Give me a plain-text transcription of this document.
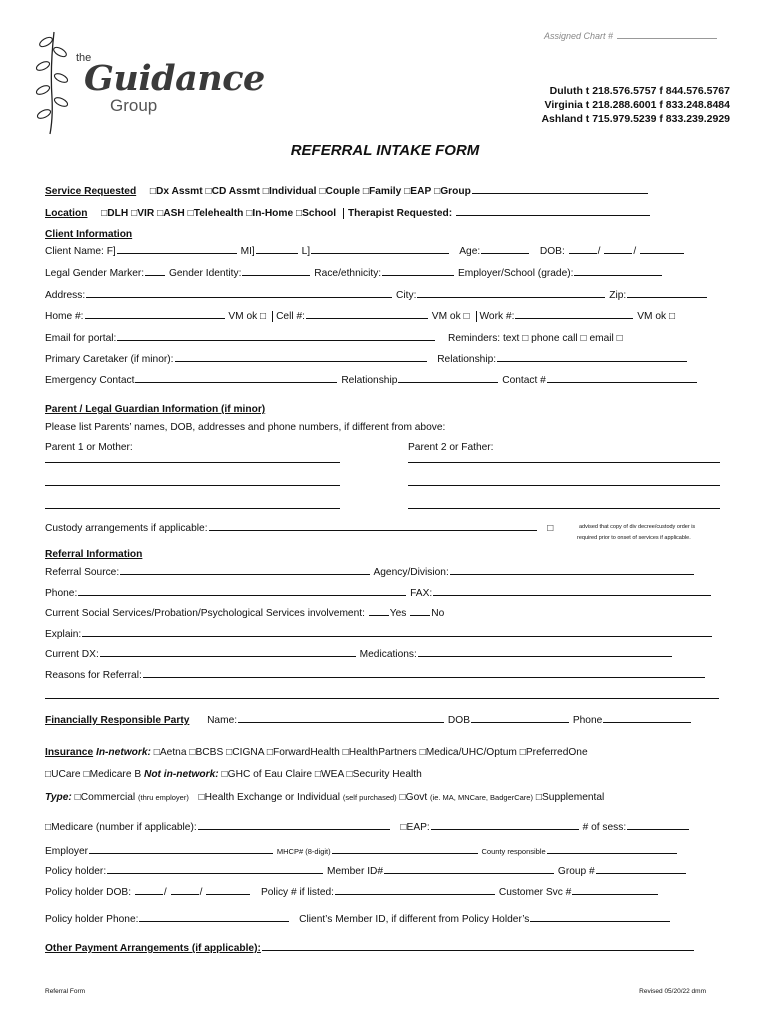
Assigned Chart #
the
Guidance
Group
Duluth t 218.576.5757 f 844.576.5767
Virginia t 218.288.6001 f 833.248.8484
Ashland t 715.979.5239 f 833.239.2929
REFERRAL INTAKE FORM
Service Requested □Dx Assmt □CD Assmt □Individual □Couple □Family □EAP □Group
Location □DLH □VIR □ASH □Telehealth □In-Home □School Therapist Requested:
Client Information
Client Name: F]	MI]	L]	Age:	DOB:	/	/
Legal Gender Marker: Gender Identity:	Race/ethnicity:	Employer/School (grade):
Address:	City:	Zip:
Home #:	VM ok □ Cell #:	VM ok □ Work #:	VM ok □
Email for portal:	Reminders: text □ phone call □ email □
Primary Caretaker (if minor):	Relationship:
Emergency Contact	Relationship	Contact #
Parent / Legal Guardian Information (if minor)
Please list Parents’ names, DOB, addresses and phone numbers, if different from above:
Parent 1 or Mother:	Parent 2 or Father:
Custody arrangements if applicable:	□	advised that copy of div decree/custody order is
required prior to onset of services if applicable.
Referral Information
Referral Source:	Agency/Division:
Phone:	FAX:
Current Social Services/Probation/Psychological Services involvement: Yes No
Explain:
Current DX:	Medications:
Reasons for Referral:
Financially Responsible Party Name:	DOB	Phone
Insurance In-network: □Aetna □BCBS □CIGNA □ForwardHealth □HealthPartners □Medica/UHC/Optum □PreferredOne
□UCare □Medicare B Not in-network: □GHC of Eau Claire □WEA □Security Health
Type: □Commercial (thru employer) □Health Exchange or Individual (self purchased) □Govt (ie. MA, MNCare, BadgerCare) □Supplemental
□Medicare (number if applicable):	□EAP:	# of sess:
Employer	MHCP# (8-digit)	County responsible
Policy holder:	Member ID#	Group #
Policy holder DOB:	/	/	Policy # if listed:	Customer Svc #
Policy holder Phone:	Client’s Member ID, if different from Policy Holder’s
Other Payment Arrangements (if applicable):
Referral Form	Revised 05/20/22 dmm
